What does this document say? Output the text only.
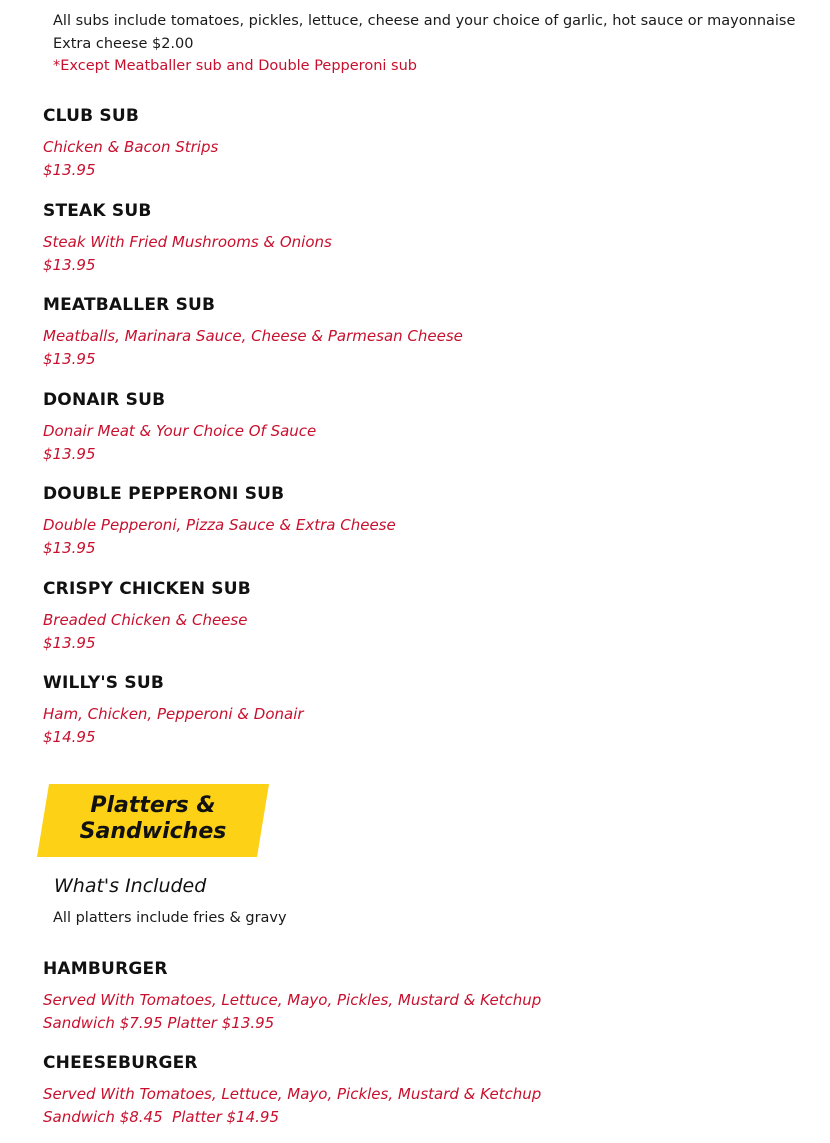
All subs include tomatoes, pickles, lettuce, cheese and your choice of garlic, hot sauce or mayonnaise
Extra cheese $2.00
*Except Meatballer sub and Double Pepperoni sub
CLUB SUB
Chicken & Bacon Strips
$13.95
STEAK SUB
Steak With Fried Mushrooms & Onions
$13.95
MEATBALLER SUB
Meatballs, Marinara Sauce, Cheese & Parmesan Cheese
$13.95
DONAIR SUB
Donair Meat & Your Choice Of Sauce
$13.95
DOUBLE PEPPERONI SUB
Double Pepperoni, Pizza Sauce & Extra Cheese
$13.95
CRISPY CHICKEN SUB
Breaded Chicken & Cheese
$13.95
WILLY'S SUB
Ham, Chicken, Pepperoni & Donair
$14.95
Platters &
Sandwiches
What's Included
All platters include fries & gravy
HAMBURGER
Served With Tomatoes, Lettuce, Mayo, Pickles, Mustard & Ketchup
Sandwich $7.95 Platter $13.95
CHEESEBURGER
Served With Tomatoes, Lettuce, Mayo, Pickles, Mustard & Ketchup
Sandwich $8.45  Platter $14.95
